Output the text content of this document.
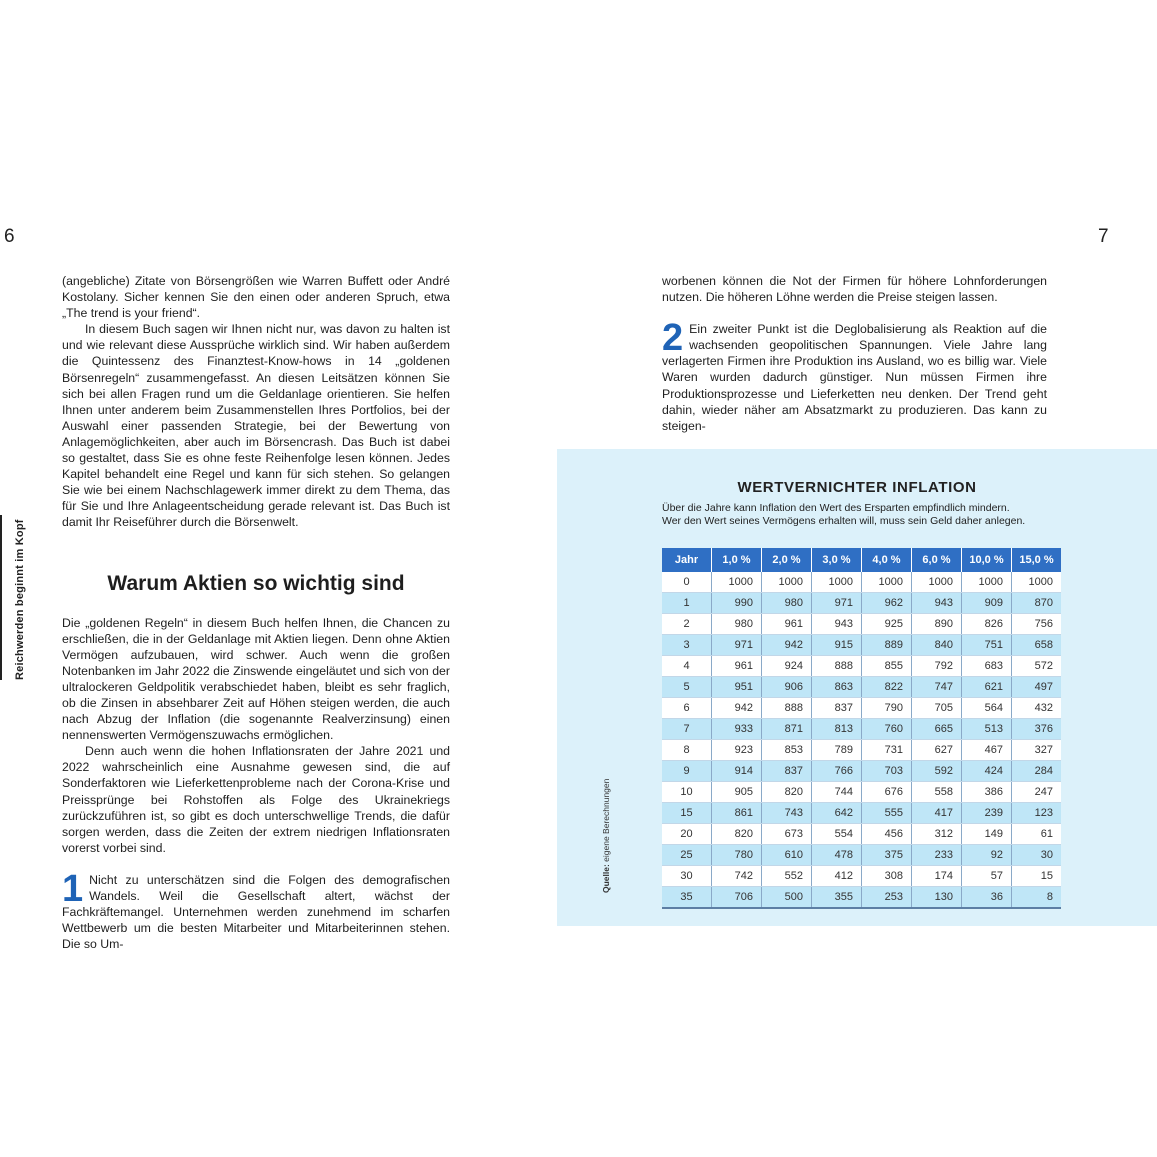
6	7
Reichwerden beginnt im Kopf

(angebliche) Zitate von Börsengrößen wie Warren Buffett oder André Kostolany. Sicher kennen Sie den einen oder anderen Spruch, etwa „The trend is your friend“.

In diesem Buch sagen wir Ihnen nicht nur, was davon zu halten ist und wie relevant diese Aussprüche wirklich sind. Wir haben außerdem die Quintessenz des Finanztest-Know-hows in 14 „goldenen Börsenregeln“ zusammengefasst. An diesen Leitsätzen können Sie sich bei allen Fragen rund um die Geldanlage orientieren. Sie helfen Ihnen unter anderem beim Zusammenstellen Ihres Portfolios, bei der Auswahl einer passenden Strategie, bei der Bewertung von Anlagemöglichkeiten, aber auch im Börsencrash. Das Buch ist dabei so gestaltet, dass Sie es ohne feste Reihenfolge lesen können. Jedes Kapitel behandelt eine Regel und kann für sich stehen. So gelangen Sie wie bei einem Nachschlagewerk immer direkt zu dem Thema, das für Sie und Ihre Anlageentscheidung gerade relevant ist. Das Buch ist damit Ihr Reiseführer durch die Börsenwelt.

Warum Aktien so wichtig sind

Die „goldenen Regeln“ in diesem Buch helfen Ihnen, die Chancen zu erschließen, die in der Geldanlage mit Aktien liegen. Denn ohne Aktien Vermögen aufzubauen, wird schwer. Auch wenn die großen Notenbanken im Jahr 2022 die Zinswende eingeläutet und sich von der ultralockeren Geldpolitik verabschiedet haben, bleibt es sehr fraglich, ob die Zinsen in absehbarer Zeit auf Höhen steigen werden, die auch nach Abzug der Inflation (die sogenannte Realverzinsung) einen nennenswerten Vermögenszuwachs ermöglichen.

Denn auch wenn die hohen Inflationsraten der Jahre 2021 und 2022 wahrscheinlich eine Ausnahme gewesen sind, die auf Sonderfaktoren wie Lieferkettenprobleme nach der Corona-Krise und Preissprünge bei Rohstoffen als Folge des Ukrainekriegs zurückzuführen ist, so gibt es doch unterschwellige Trends, die dafür sorgen werden, dass die Zeiten der extrem niedrigen Inflationsraten vorerst vorbei sind.

1 Nicht zu unterschätzen sind die Folgen des demografischen Wandels. Weil die Gesellschaft altert, wächst der Fachkräftemangel. Unternehmen werden zunehmend im scharfen Wettbewerb um die besten Mitarbeiter und Mitarbeiterinnen stehen. Die so Um-

worbenen können die Not der Firmen für höhere Lohnforderungen nutzen. Die höheren Löhne werden die Preise steigen lassen.

2 Ein zweiter Punkt ist die Deglobalisierung als Reaktion auf die wachsenden geopolitischen Spannungen. Viele Jahre lang verlagerten Firmen ihre Produktion ins Ausland, wo es billig war. Viele Waren wurden dadurch günstiger. Nun müssen Firmen ihre Produktionsprozesse und Lieferketten neu denken. Der Trend geht dahin, wieder näher am Absatzmarkt zu produzieren. Das kann zu steigen-

WERTVERNICHTER INFLATION
Über die Jahre kann Inflation den Wert des Ersparten empfindlich mindern.
Wer den Wert seines Vermögens erhalten will, muss sein Geld daher anlegen.
Jahr	1,0 %	2,0 %	3,0 %	4,0 %	6,0 %	10,0 %	15,0 %
0	1000	1000	1000	1000	1000	1000	1000
1	990	980	971	962	943	909	870
2	980	961	943	925	890	826	756
3	971	942	915	889	840	751	658
4	961	924	888	855	792	683	572
5	951	906	863	822	747	621	497
6	942	888	837	790	705	564	432
7	933	871	813	760	665	513	376
8	923	853	789	731	627	467	327
9	914	837	766	703	592	424	284
10	905	820	744	676	558	386	247
15	861	743	642	555	417	239	123
20	820	673	554	456	312	149	61
25	780	610	478	375	233	92	30
30	742	552	412	308	174	57	15
35	706	500	355	253	130	36	8
Quelle: eigene Berechnungen
